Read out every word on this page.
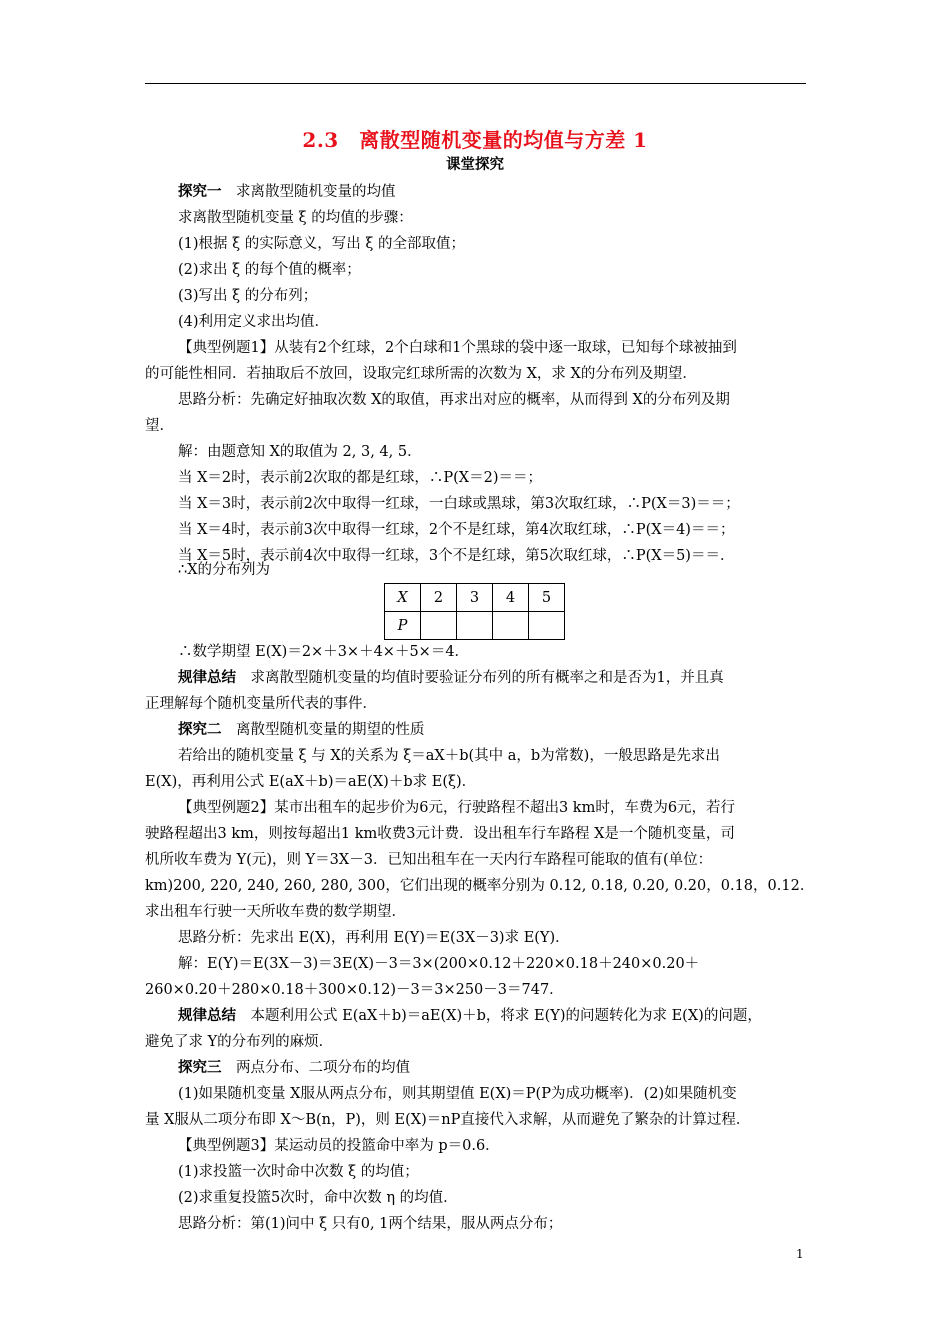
2.3　离散型随机变量的均值与方差 1
课堂探究
探究一　 求离散型随机变量的均值
求离散型随机变量 ξ 的均值的步骤：
(1)根据 ξ 的实际意义，写出 ξ 的全部取值；
(2)求出 ξ 的每个值的概率；
(3)写出 ξ 的分布列；
(4)利用定义求出均值．
【典型例题1】从装有2个红球，2个白球和1个黑球的袋中逐一取球，已知每个球被抽到
的可能性相同．若抽取后不放回，设取完红球所需的次数为 X，求 X的分布列及期望．
思路分析：先确定好抽取次数 X的取值，再求出对应的概率，从而得到 X的分布列及期
望．
解：由题意知 X的取值为 2, 3, 4, 5．
当 X＝2时，表示前2次取的都是红球，∴P(X＝2)＝＝；
当 X＝3时，表示前2次中取得一红球，一白球或黑球，第3次取红球，∴P(X＝3)＝＝；
当 X＝4时，表示前3次中取得一红球，2个不是红球，第4次取红球，∴P(X＝4)＝＝；
当 X＝5时，表示前4次中取得一红球，3个不是红球，第5次取红球，∴P(X＝5)＝＝．
∴X的分布列为
X	2	3	4	5
P				
∴数学期望 E(X)＝2×＋3×＋4×＋5×＝4．
规律总结　 求离散型随机变量的均值时要验证分布列的所有概率之和是否为1，并且真
正理解每个随机变量所代表的事件．
探究二　 离散型随机变量的期望的性质
若给出的随机变量 ξ 与 X的关系为 ξ＝aX＋b(其中 a，b为常数)，一般思路是先求出
E(X)，再利用公式 E(aX＋b)＝aE(X)＋b求 E(ξ)．
【典型例题2】某市出租车的起步价为6元，行驶路程不超出3 km时，车费为6元，若行
驶路程超出3 km，则按每超出1 km收费3元计费．设出租车行车路程 X是一个随机变量，司
机所收车费为 Y(元)，则 Y＝3X－3．已知出租车在一天内行车路程可能取的值有(单位：
km)200, 220, 240, 260, 280, 300，它们出现的概率分别为 0.12, 0.18, 0.20, 0.20，0.18，0.12．
求出租车行驶一天所收车费的数学期望．
思路分析：先求出 E(X)，再利用 E(Y)＝E(3X－3)求 E(Y)．
解：E(Y)＝E(3X－3)＝3E(X)－3＝3×(200×0.12＋220×0.18＋240×0.20＋
260×0.20＋280×0.18＋300×0.12)－3＝3×250－3＝747．
规律总结　 本题利用公式 E(aX＋b)＝aE(X)＋b，将求 E(Y)的问题转化为求 E(X)的问题，
避免了求 Y的分布列的麻烦．
探究三　 两点分布、二项分布的均值
(1)如果随机变量 X服从两点分布，则其期望值 E(X)＝P(P为成功概率)．(2)如果随机变
量 X服从二项分布即 X～B(n，P)，则 E(X)＝nP直接代入求解，从而避免了繁杂的计算过程．
【典型例题3】某运动员的投篮命中率为 p＝0.6．
(1)求投篮一次时命中次数 ξ 的均值；
(2)求重复投篮5次时，命中次数 η 的均值．
思路分析：第(1)问中 ξ 只有0, 1两个结果，服从两点分布；
1
